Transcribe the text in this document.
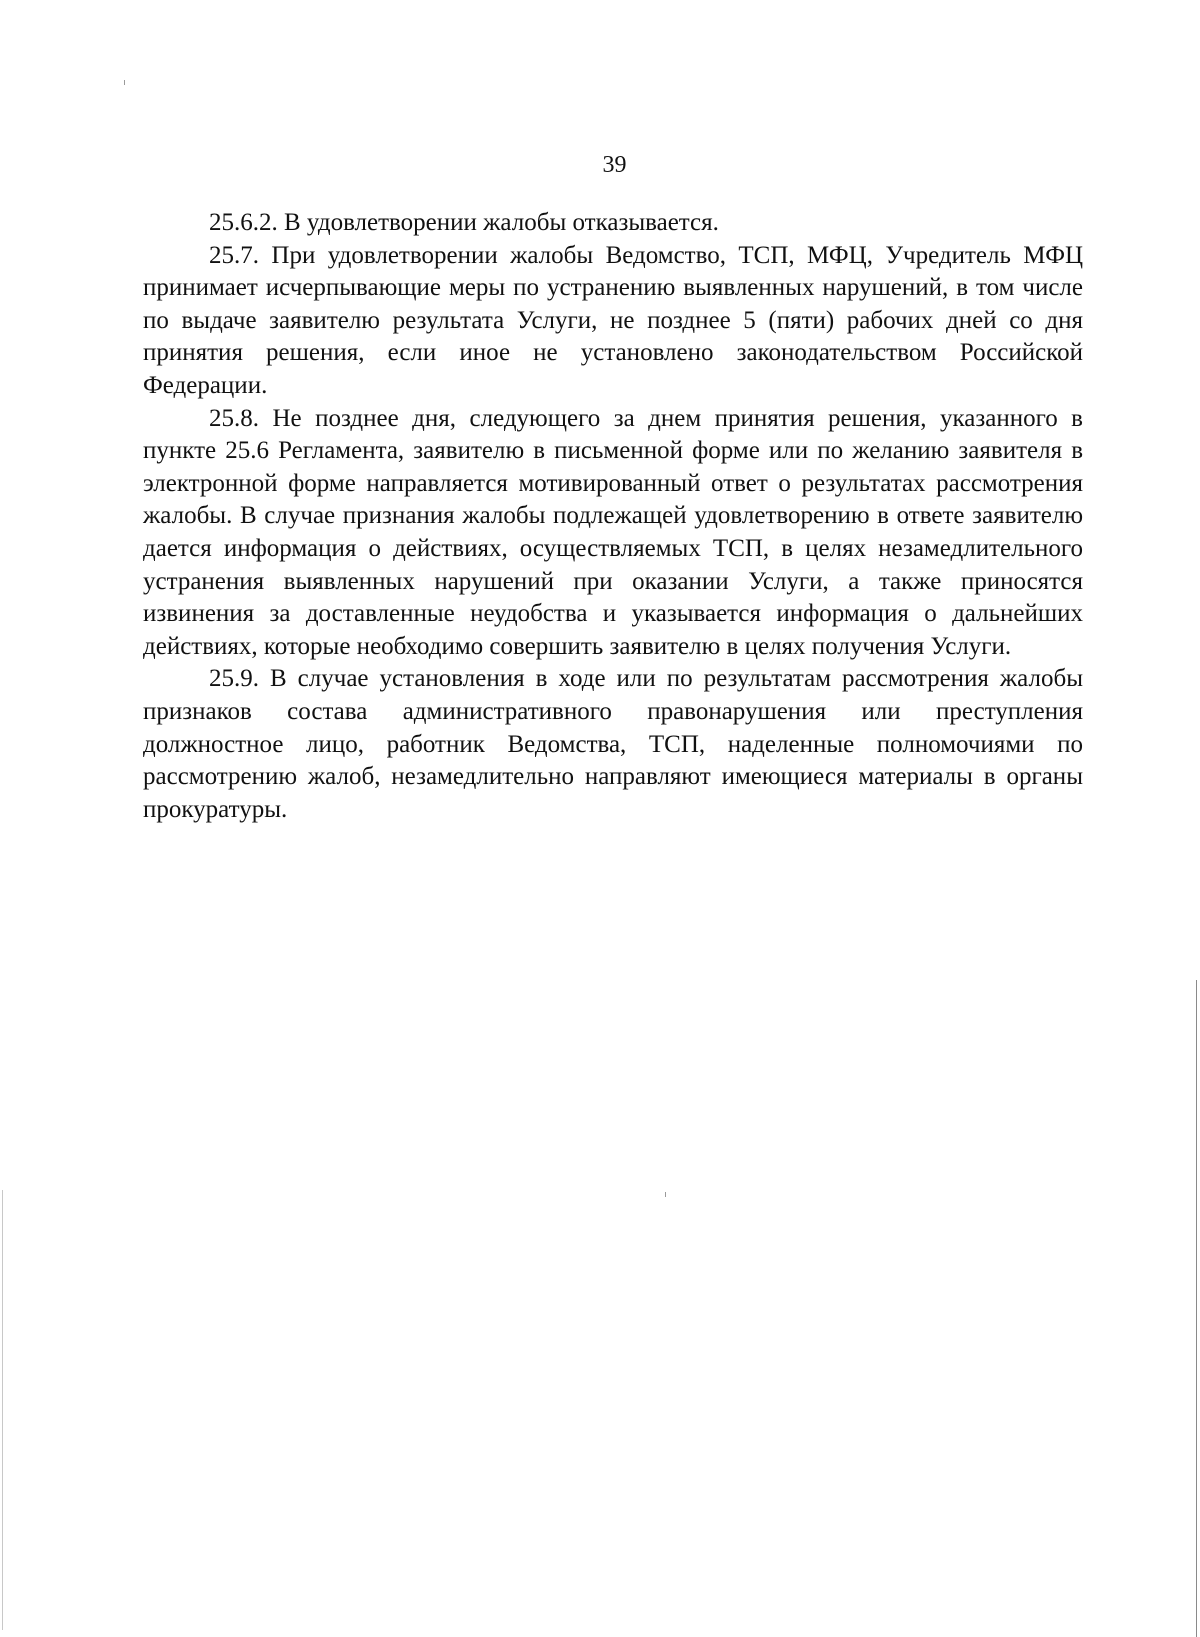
39

25.6.2. В удовлетворении жалобы отказывается.

25.7. При удовлетворении жалобы Ведомство, ТСП, МФЦ, Учредитель МФЦ принимает исчерпывающие меры по устранению выявленных нарушений, в том числе по выдаче заявителю результата Услуги, не позднее 5 (пяти) рабочих дней со дня принятия решения, если иное не установлено законодательством Российской Федерации.

25.8. Не позднее дня, следующего за днем принятия решения, указанного в пункте 25.6 Регламента, заявителю в письменной форме или по желанию заявителя в электронной форме направляется мотивированный ответ о результатах рассмотрения жалобы. В случае признания жалобы подлежащей удовлетворению в ответе заявителю дается информация о действиях, осуществляемых ТСП, в целях незамедлительного устранения выявленных нарушений при оказании Услуги, а также приносятся извинения за доставленные неудобства и указывается информация о дальнейших действиях, которые необходимо совершить заявителю в целях получения Услуги.

25.9. В случае установления в ходе или по результатам рассмотрения жалобы признаков состава административного правонарушения или преступления должностное лицо, работник Ведомства, ТСП, наделенные полномочиями по рассмотрению жалоб, незамедлительно направляют имеющиеся материалы в органы прокуратуры.
